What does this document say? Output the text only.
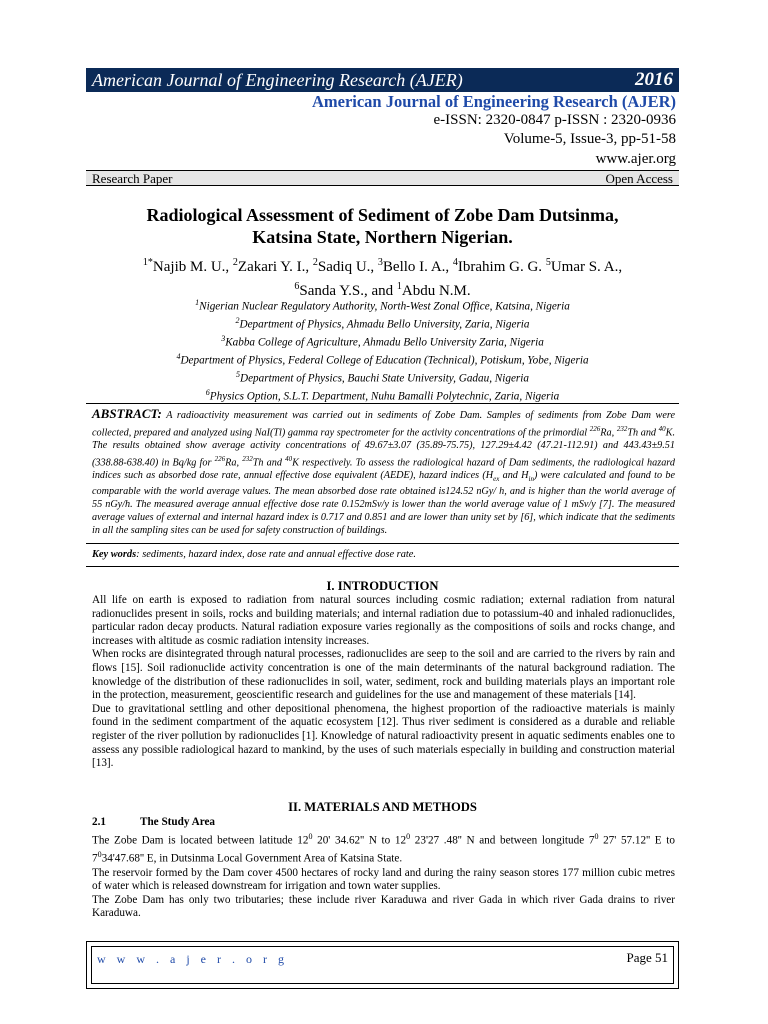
American Journal of Engineering Research (AJER)	2016
American Journal of Engineering Research (AJER)
e-ISSN: 2320-0847 p-ISSN : 2320-0936
Volume-5, Issue-3, pp-51-58
www.ajer.org
Research Paper	Open Access
Radiological Assessment of Sediment of Zobe Dam Dutsinma,
Katsina State, Northern Nigerian.
$^{1*}$Najib M. U., $^2$Zakari Y. I., $^2$Sadiq U., $^3$Bello I. A., $^4$Ibrahim G. G. $^5$Umar S. A.,
$^6$Sanda Y.S., and $^1$Abdu N.M.
$^1$Nigerian Nuclear Regulatory Authority, North-West Zonal Office, Katsina, Nigeria
$^2$Department of Physics, Ahmadu Bello University, Zaria, Nigeria
$^3$Kabba College of Agriculture, Ahmadu Bello University Zaria, Nigeria
$^4$Department of Physics, Federal College of Education (Technical), Potiskum, Yobe, Nigeria
$^5$Department of Physics, Bauchi State University, Gadau, Nigeria
$^6$Physics Option, S.L.T. Department, Nuhu Bamalli Polytechnic, Zaria, Nigeria
ABSTRACT: A radioactivity measurement was carried out in sediments of Zobe Dam. Samples of sediments from Zobe Dam were collected, prepared and analyzed using NaI(Tl) gamma ray spectrometer for the activity concentrations of the primordial $^{226}$Ra, $^{232}$Th and $^{40}$K. The results obtained show average activity concentrations of 49.67±3.07 (35.89-75.75), 127.29±4.42 (47.21-112.91) and 443.43±9.51 (338.88-638.40) in Bq/kg for $^{226}$Ra, $^{232}$Th and $^{40}$K respectively. To assess the radiological hazard of Dam sediments, the radiological hazard indices such as absorbed dose rate, annual effective dose equivalent (AEDE), hazard indices ($H_{ex}$ and $H_{in}$) were calculated and found to be comparable with the world average values. The mean absorbed dose rate obtained is124.52 nGy/ h, and is higher than the world average of 55 nGy/h. The measured average annual effective dose rate 0.152mSv/y is lower than the world average value of 1 mSv/y [7]. The measured average values of external and internal hazard index is 0.717 and 0.851 and are lower than unity set by [6], which indicate that the sediments in all the sampling sites can be used for safety construction of buildings.
Key words: sediments, hazard index, dose rate and annual effective dose rate.
I. INTRODUCTION

All life on earth is exposed to radiation from natural sources including cosmic radiation; external radiation from natural radionuclides present in soils, rocks and building materials; and internal radiation due to potassium-40 and inhaled radionuclides, particular radon decay products. Natural radiation exposure varies regionally as the compositions of soils and rocks change, and increases with altitude as cosmic radiation intensity increases.

When rocks are disintegrated through natural processes, radionuclides are seep to the soil and are carried to the rivers by rain and flows [15]. Soil radionuclide activity concentration is one of the main determinants of the natural background radiation. The knowledge of the distribution of these radionuclides in soil, water, sediment, rock and building materials plays an important role in the protection, measurement, geoscientific research and guidelines for the use and management of these materials [14].

Due to gravitational settling and other depositional phenomena, the highest proportion of the radioactive materials is mainly found in the sediment compartment of the aquatic ecosystem [12]. Thus river sediment is considered as a durable and reliable register of the river pollution by radionuclides [1]. Knowledge of natural radioactivity present in aquatic sediments enables one to assess any possible radiological hazard to mankind, by the uses of such materials especially in building and construction material [13].

II. MATERIALS AND METHODS
2.1	The Study Area

The Zobe Dam is located between latitude $12^0$ 20' 34.62'' N to $12^0$ 23'27 .48'' N and between longitude $7^0$ 27' 57.12'' E to $7^034'47.68''$ E, in Dutsinma Local Government Area of Katsina State.

The reservoir formed by the Dam cover 4500 hectares of rocky land and during the rainy season stores 177 million cubic metres of water which is released downstream for irrigation and town water supplies.

The Zobe Dam has only two tributaries; these include river Karaduwa and river Gada in which river Gada drains to river Karaduwa.

w w w . a j e r . o r g	Page 51
